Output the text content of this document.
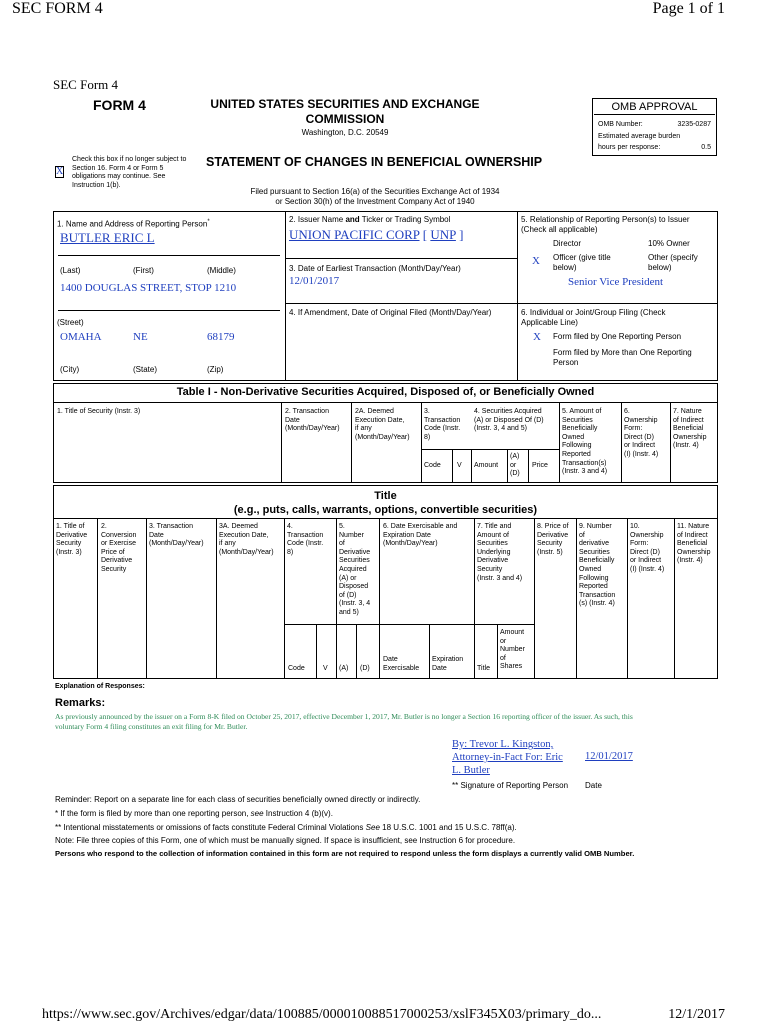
SEC FORM 4	Page 1 of 1
SEC Form 4
FORM 4	UNITED STATES SECURITIES AND EXCHANGE
COMMISSION
Washington, D.C. 20549
OMB APPROVAL
OMB Number:	3235-0287
Estimated average burden
hours per response:	0.5
X
Check this box if no longer subject to Section 16. Form 4 or Form 5 obligations may continue. See Instruction 1(b).
STATEMENT OF CHANGES IN BENEFICIAL OWNERSHIP
Filed pursuant to Section 16(a) of the Securities Exchange Act of 1934
or Section 30(h) of the Investment Company Act of 1940
1. Name and Address of Reporting Person*
BUTLER ERIC L
(Last)	(First)	(Middle)
1400 DOUGLAS STREET, STOP 1210
(Street)
OMAHA	NE	68179
(City)	(State)	(Zip)
2. Issuer Name and Ticker or Trading Symbol
UNION PACIFIC CORP [ UNP ]
3. Date of Earliest Transaction (Month/Day/Year)
12/01/2017
4. If Amendment, Date of Original Filed (Month/Day/Year)
5. Relationship of Reporting Person(s) to Issuer
(Check all applicable)
Director	10% Owner
X Officer (give title
below)
Other (specify
below)
Senior Vice President
6. Individual or Joint/Group Filing (Check
Applicable Line)
X Form filed by One Reporting Person
Form filed by More than One Reporting
Person
Table I - Non-Derivative Securities Acquired, Disposed of, or Beneficially Owned
1. Title of Security (Instr. 3)	2. Transaction
Date
(Month/Day/Year)
2A. Deemed
Execution Date,
if any
(Month/Day/Year)
3.
Transaction
Code (Instr.
8)
4. Securities Acquired
(A) or Disposed Of (D)
(Instr. 3, 4 and 5)
5. Amount of
Securities
Beneficially
Owned
Following
Reported
Transaction(s)
(Instr. 3 and 4)
6.
Ownership
Form:
Direct (D)
or Indirect
(I) (Instr. 4)
7. Nature
of Indirect
Beneficial
Ownership
(Instr. 4)
Code V Amount
(A)
or
(D)
Price
Title
(e.g., puts, calls, warrants, options, convertible securities)
1. Title of
Derivative
Security
(Instr. 3)
2.
Conversion
or Exercise
Price of
Derivative
Security
3. Transaction
Date
(Month/Day/Year)
3A. Deemed
Execution Date,
if any
(Month/Day/Year)
4.
Transaction
Code (Instr.
8)
5.
Number
of
Derivative
Securities
Acquired
(A) or
Disposed
of (D)
(Instr. 3, 4
and 5)
6. Date Exercisable and
Expiration Date
(Month/Day/Year)
7. Title and
Amount of
Securities
Underlying
Derivative
Security
(Instr. 3 and 4)
8. Price of
Derivative
Security
(Instr. 5)
9. Number
of
derivative
Securities
Beneficially
Owned
Following
Reported
Transaction
(s) (Instr. 4)
10.
Ownership
Form:
Direct (D)
or Indirect
(I) (Instr. 4)
11. Nature
of Indirect
Beneficial
Ownership
(Instr. 4)
Code	V (A) (D)
Date
Exercisable
Expiration
Date	Title
Amount
or
Number
of
Shares
Explanation of Responses:
Remarks:
As previously announced by the issuer on a Form 8-K filed on October 25, 2017, effective December 1, 2017, Mr. Butler is no longer a Section 16 reporting officer of the issuer. As such, this
voluntary Form 4 filing constitutes an exit filing for Mr. Butler.
By: Trevor L. Kingston,
Attorney-in-Fact For: Eric
L. Butler
12/01/2017
** Signature of Reporting Person Date
Reminder: Report on a separate line for each class of securities beneficially owned directly or indirectly.
* If the form is filed by more than one reporting person, see Instruction 4 (b)(v).
** Intentional misstatements or omissions of facts constitute Federal Criminal Violations See 18 U.S.C. 1001 and 15 U.S.C. 78ff(a).
Note: File three copies of this Form, one of which must be manually signed. If space is insufficient, see Instruction 6 for procedure.
Persons who respond to the collection of information contained in this form are not required to respond unless the form displays a currently valid OMB Number.
https://www.sec.gov/Archives/edgar/data/100885/000010088517000253/xslF345X03/primary_do...	12/1/2017
